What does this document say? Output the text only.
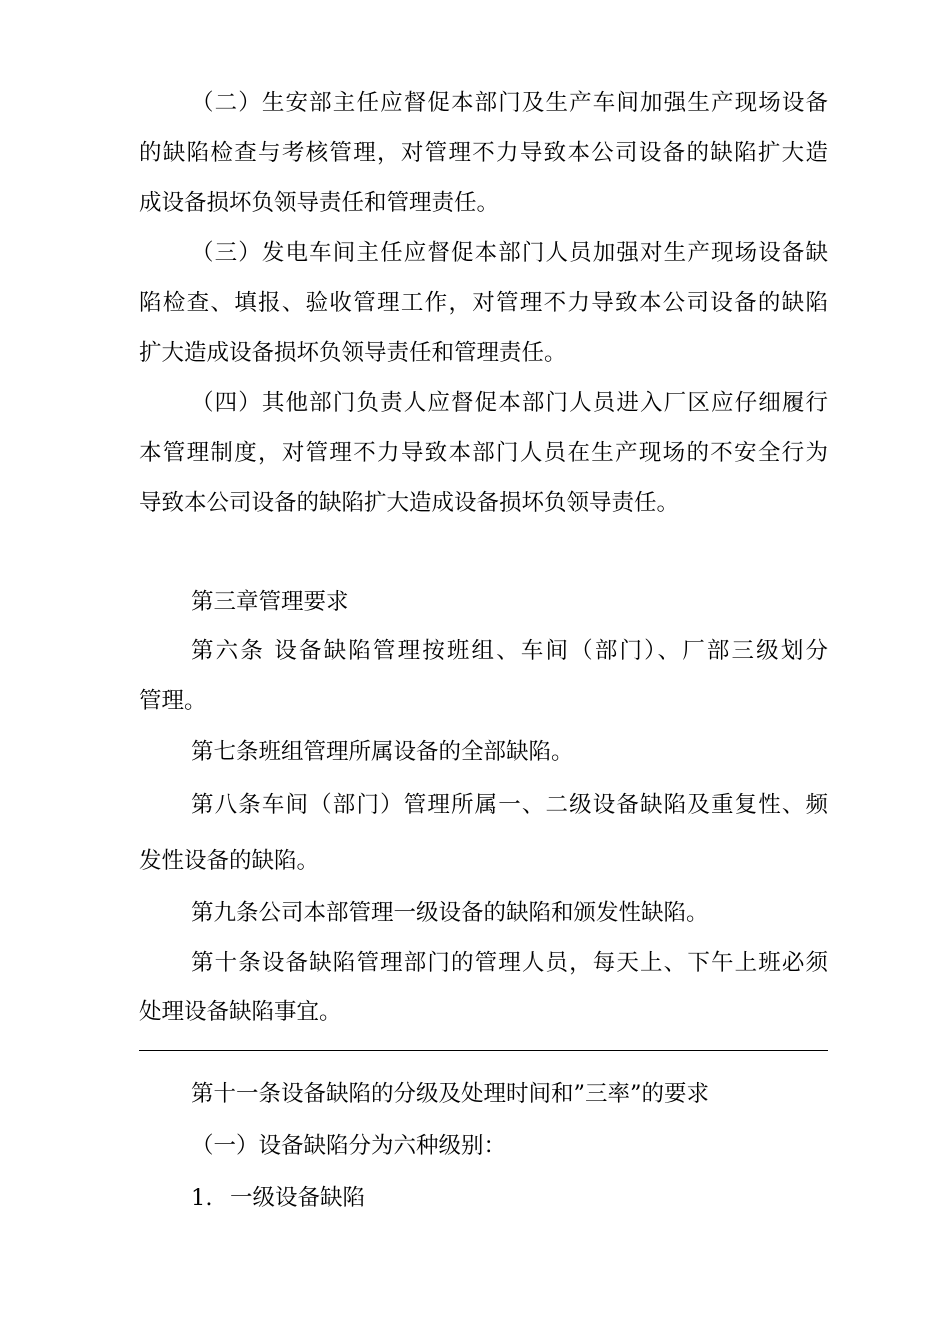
（二）生安部主任应督促本部门及生产车间加强生产现场设备
的缺陷检查与考核管理，对管理不力导致本公司设备的缺陷扩大造
成设备损坏负领导责任和管理责任。
（三）发电车间主任应督促本部门人员加强对生产现场设备缺
陷检查、填报、验收管理工作，对管理不力导致本公司设备的缺陷
扩大造成设备损坏负领导责任和管理责任。
（四）其他部门负责人应督促本部门人员进入厂区应仔细履行
本管理制度，对管理不力导致本部门人员在生产现场的不安全行为
导致本公司设备的缺陷扩大造成设备损坏负领导责任。
第三章管理要求
第六条 设备缺陷管理按班组、车间（部门）、厂部三级划分
管理。
第七条班组管理所属设备的全部缺陷。
第八条车间（部门）管理所属一、二级设备缺陷及重复性、频
发性设备的缺陷。
第九条公司本部管理一级设备的缺陷和颁发性缺陷。
第十条设备缺陷管理部门的管理人员，每天上、下午上班必须
处理设备缺陷事宜。
第十一条设备缺陷的分级及处理时间和”三率”的要求
（一）设备缺陷分为六种级别：
1. 一级设备缺陷
